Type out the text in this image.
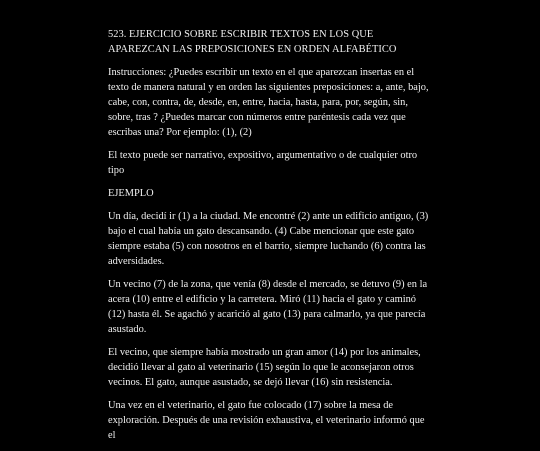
523. EJERCICIO SOBRE ESCRIBIR TEXTOS EN LOS QUE APAREZCAN LAS PREPOSICIONES EN ORDEN ALFABÉTICO
Instrucciones: ¿Puedes escribir un texto en el que aparezcan insertas en el texto de manera natural y en orden las siguientes preposiciones: a, ante, bajo, cabe, con, contra, de, desde, en, entre, hacia, hasta, para, por, según, sin, sobre, tras ? ¿Puedes marcar con números entre paréntesis cada vez que escribas una? Por ejemplo: (1), (2)
El texto puede ser narrativo, expositivo, argumentativo o de cualquier otro tipo
EJEMPLO
Un día, decidí ir (1) a la ciudad. Me encontré (2) ante un edificio antiguo, (3) bajo el cual había un gato descansando. (4) Cabe mencionar que este gato siempre estaba (5) con nosotros en el barrio, siempre luchando (6) contra las adversidades.
Un vecino (7) de la zona, que venía (8) desde el mercado, se detuvo (9) en la acera (10) entre el edificio y la carretera. Miró (11) hacia el gato y caminó (12) hasta él. Se agachó y acarició al gato (13) para calmarlo, ya que parecía asustado.
El vecino, que siempre había mostrado un gran amor (14) por los animales, decidió llevar al gato al veterinario (15) según lo que le aconsejaron otros vecinos. El gato, aunque asustado, se dejó llevar (16) sin resistencia.
Una vez en el veterinario, el gato fue colocado (17) sobre la mesa de exploración. Después de una revisión exhaustiva, el veterinario informó que el
